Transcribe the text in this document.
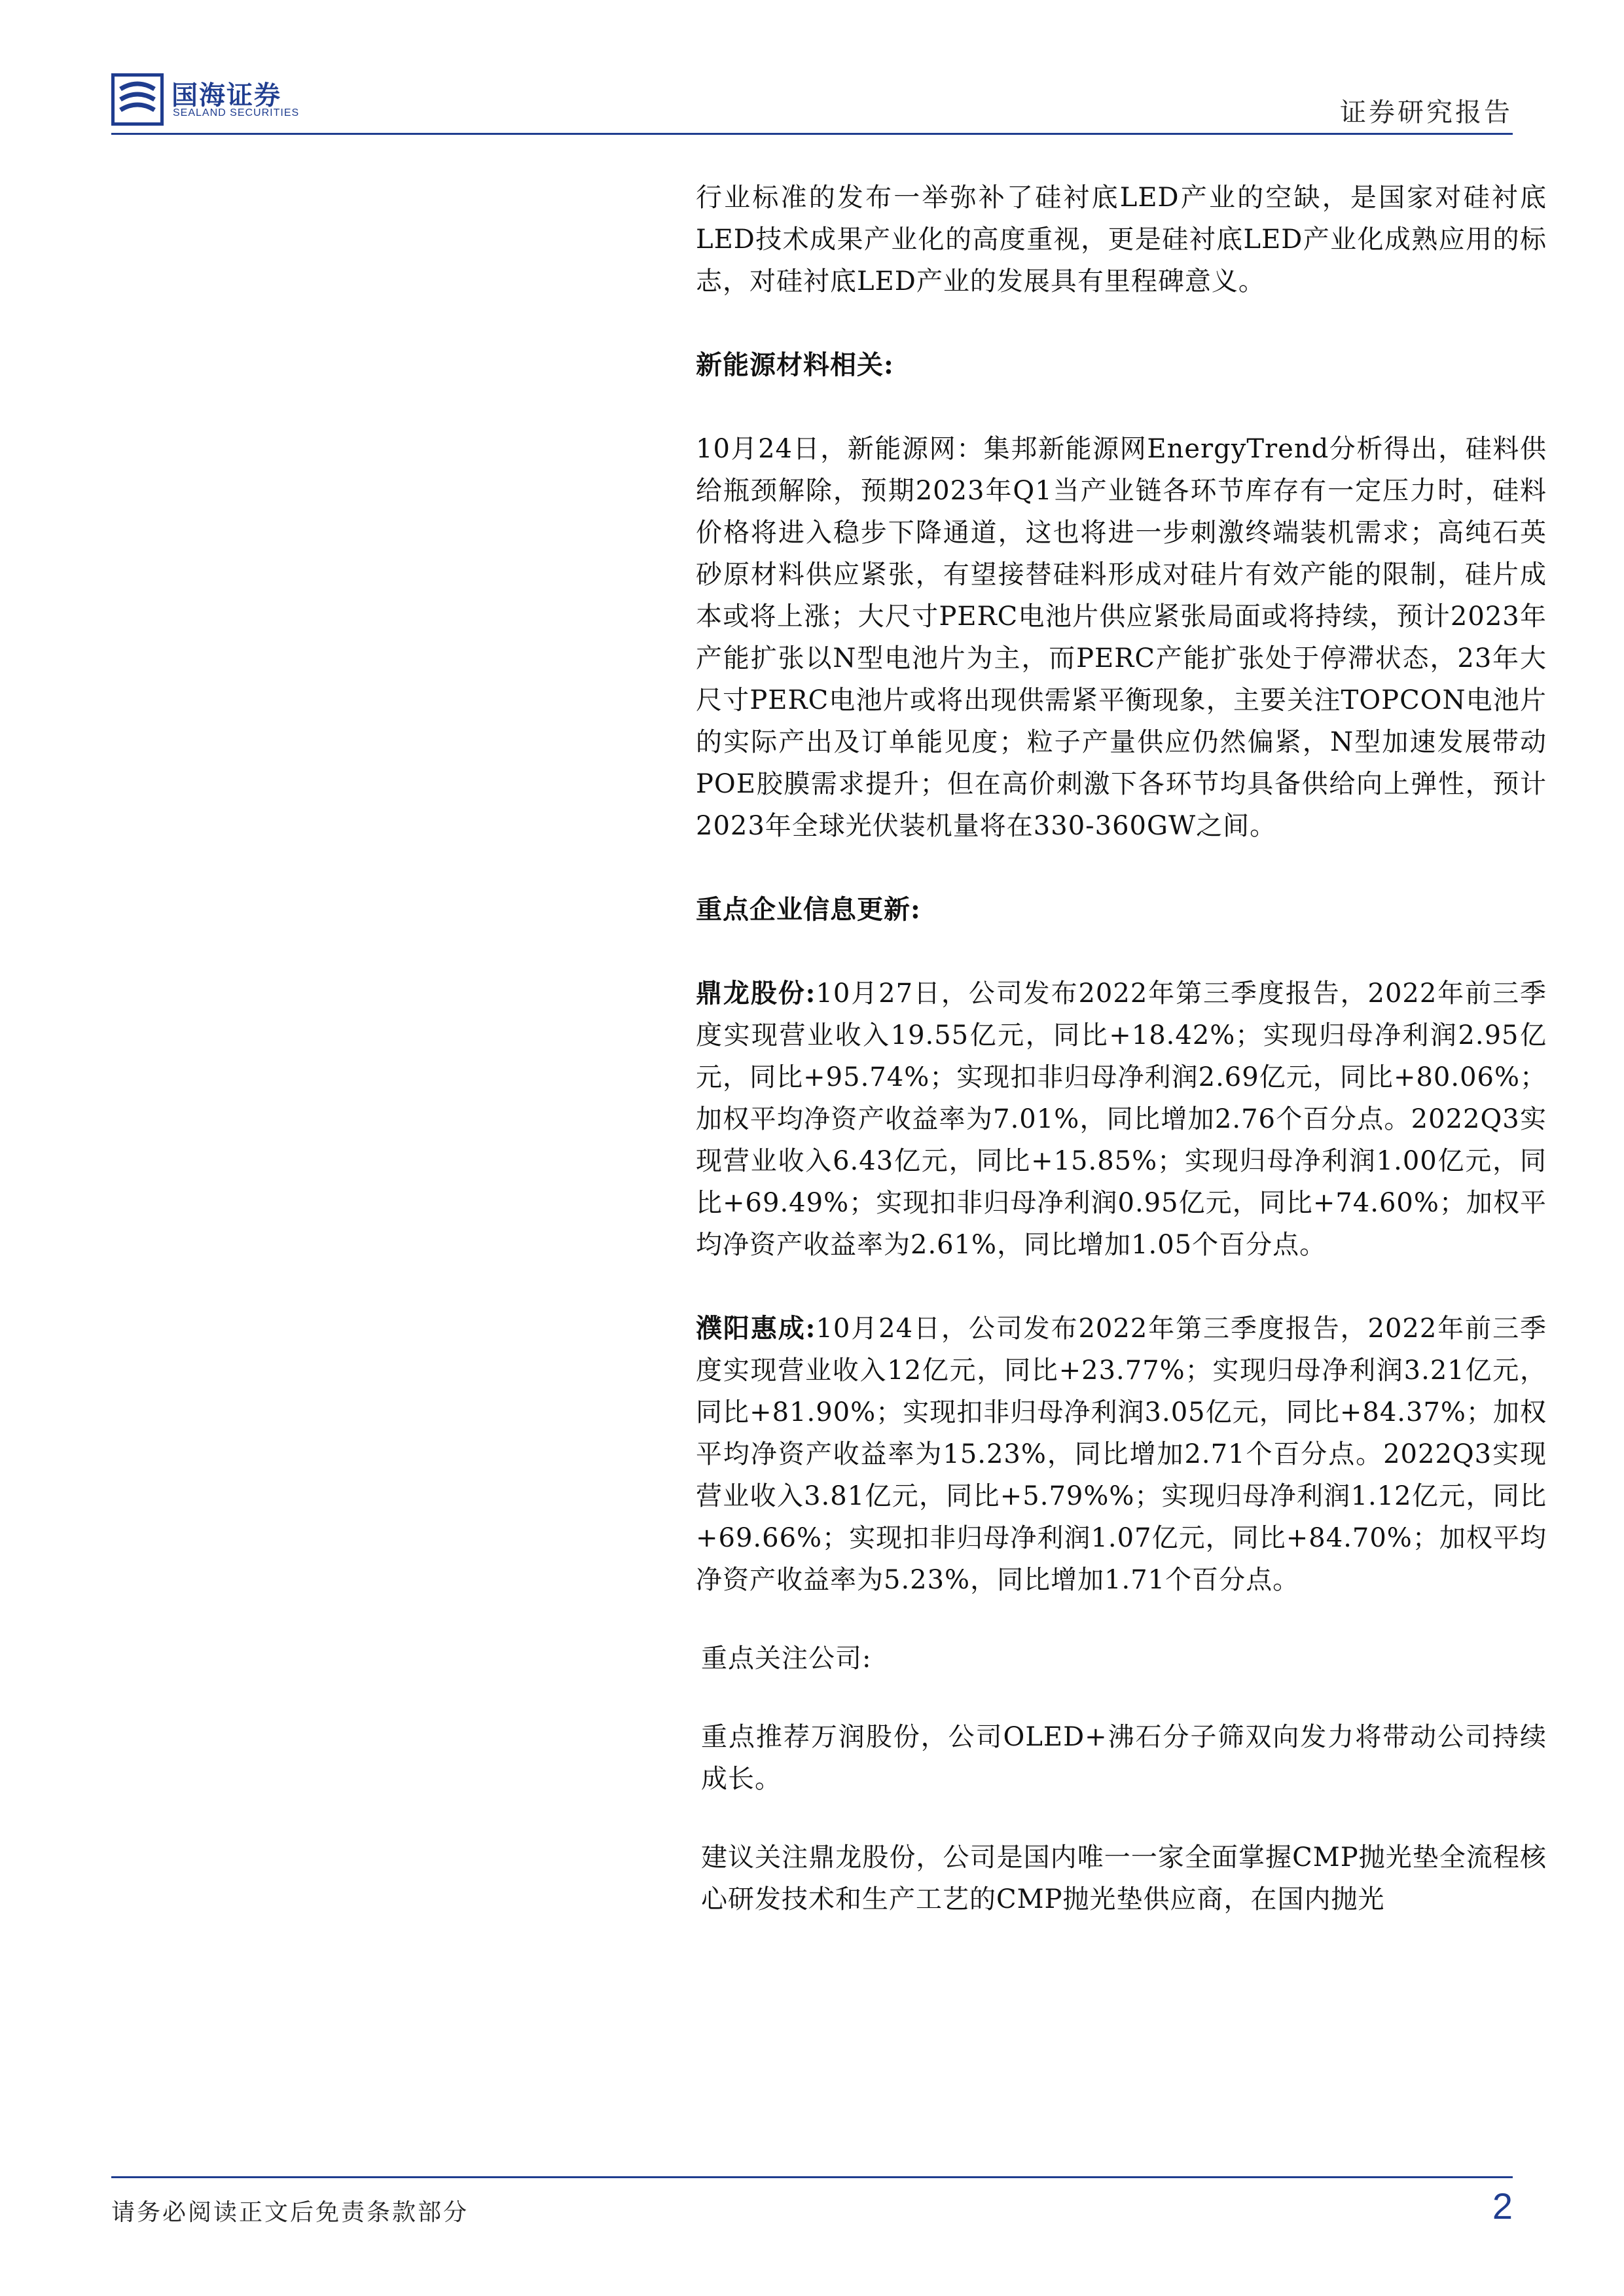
国海证券
SEALAND SECURITIES	证券研究报告

行业标准的发布一举弥补了硅衬底LED产业的空缺，是国家对硅衬底LED技术成果产业化的高度重视，更是硅衬底LED产业化成熟应用的标志，对硅衬底LED产业的发展具有里程碑意义。

新能源材料相关:

10月24日，新能源网：集邦新能源网EnergyTrend分析得出，硅料供给瓶颈解除，预期2023年Q1当产业链各环节库存有一定压力时，硅料价格将进入稳步下降通道，这也将进一步刺激终端装机需求；高纯石英砂原材料供应紧张，有望接替硅料形成对硅片有效产能的限制，硅片成本或将上涨；大尺寸PERC电池片供应紧张局面或将持续，预计2023年产能扩张以N型电池片为主，而PERC产能扩张处于停滞状态，23年大尺寸PERC电池片或将出现供需紧平衡现象，主要关注TOPCON电池片的实际产出及订单能见度；粒子产量供应仍然偏紧，N型加速发展带动POE胶膜需求提升；但在高价刺激下各环节均具备供给向上弹性，预计2023年全球光伏装机量将在330-360GW之间。

重点企业信息更新:

鼎龙股份:10月27日，公司发布2022年第三季度报告，2022年前三季度实现营业收入19.55亿元，同比+18.42%；实现归母净利润2.95亿元，同比+95.74%；实现扣非归母净利润2.69亿元，同比+80.06%；加权平均净资产收益率为7.01%，同比增加2.76个百分点。2022Q3实现营业收入6.43亿元，同比+15.85%；实现归母净利润1.00亿元，同比+69.49%；实现扣非归母净利润0.95亿元，同比+74.60%；加权平均净资产收益率为2.61%，同比增加1.05个百分点。

濮阳惠成:10月24日，公司发布2022年第三季度报告，2022年前三季度实现营业收入12亿元，同比+23.77%；实现归母净利润3.21亿元，同比+81.90%；实现扣非归母净利润3.05亿元，同比+84.37%；加权平均净资产收益率为15.23%，同比增加2.71个百分点。2022Q3实现营业收入3.81亿元，同比+5.79%%；实现归母净利润1.12亿元，同比+69.66%；实现扣非归母净利润1.07亿元，同比+84.70%；加权平均净资产收益率为5.23%，同比增加1.71个百分点。

重点关注公司:

重点推荐万润股份，公司OLED+沸石分子筛双向发力将带动公司持续成长。

建议关注鼎龙股份，公司是国内唯一一家全面掌握CMP抛光垫全流程核心研发技术和生产工艺的CMP抛光垫供应商，在国内抛光

请务必阅读正文后免责条款部分	2
